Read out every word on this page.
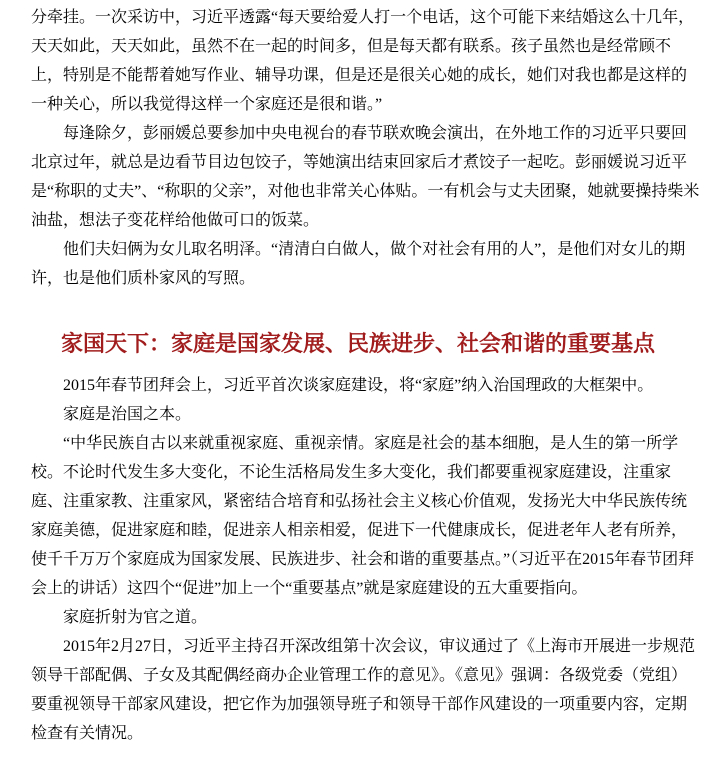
分牵挂。一次采访中，习近平透露“每天要给爱人打一个电话，这个可能下来结婚这么十几年，天天如此，天天如此，虽然不在一起的时间多，但是每天都有联系。孩子虽然也是经常顾不上，特别是不能帮着她写作业、辅导功课，但是还是很关心她的成长，她们对我也都是这样的一种关心，所以我觉得这样一个家庭还是很和谐。”

每逢除夕，彭丽媛总要参加中央电视台的春节联欢晚会演出，在外地工作的习近平只要回北京过年，就总是边看节目边包饺子，等她演出结束回家后才煮饺子一起吃。彭丽媛说习近平是“称职的丈夫”、“称职的父亲”，对他也非常关心体贴。一有机会与丈夫团聚，她就要操持柴米油盐，想法子变花样给他做可口的饭菜。

他们夫妇俩为女儿取名明泽。“清清白白做人，做个对社会有用的人”，是他们对女儿的期许，也是他们质朴家风的写照。

家国天下：家庭是国家发展、民族进步、社会和谐的重要基点

2015年春节团拜会上，习近平首次谈家庭建设，将“家庭”纳入治国理政的大框架中。

家庭是治国之本。

“中华民族自古以来就重视家庭、重视亲情。家庭是社会的基本细胞，是人生的第一所学校。不论时代发生多大变化，不论生活格局发生多大变化，我们都要重视家庭建设，注重家庭、注重家教、注重家风，紧密结合培育和弘扬社会主义核心价值观，发扬光大中华民族传统家庭美德，促进家庭和睦，促进亲人相亲相爱，促进下一代健康成长，促进老年人老有所养，使千千万万个家庭成为国家发展、民族进步、社会和谐的重要基点。”（习近平在2015年春节团拜会上的讲话）这四个“促进”加上一个“重要基点”就是家庭建设的五大重要指向。

家庭折射为官之道。

2015年2月27日，习近平主持召开深改组第十次会议，审议通过了《上海市开展进一步规范领导干部配偶、子女及其配偶经商办企业管理工作的意见》。《意见》强调：各级党委（党组）要重视领导干部家风建设，把它作为加强领导班子和领导干部作风建设的一项重要内容，定期检查有关情况。
